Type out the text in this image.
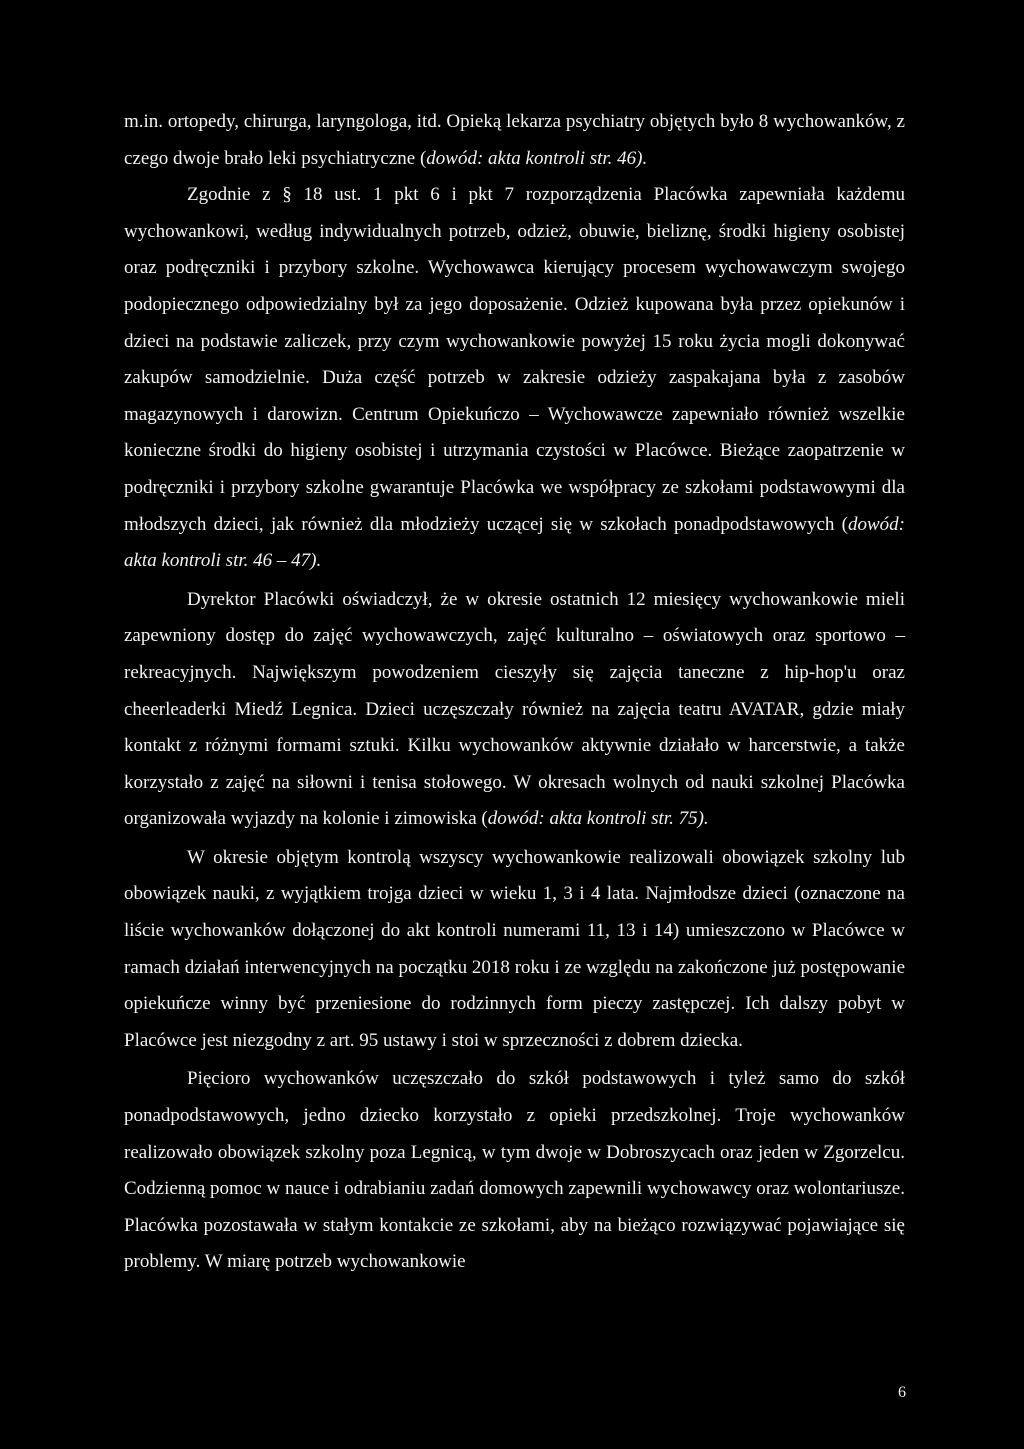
m.in. ortopedy, chirurga, laryngologa, itd. Opieką lekarza psychiatry objętych było 8 wychowanków, z czego dwoje brało leki psychiatryczne (dowód: akta kontroli str. 46).

Zgodnie z § 18 ust. 1 pkt 6 i pkt 7 rozporządzenia Placówka zapewniała każdemu wychowankowi, według indywidualnych potrzeb, odzież, obuwie, bieliznę, środki higieny osobistej oraz podręczniki i przybory szkolne. Wychowawca kierujący procesem wychowawczym swojego podopiecznego odpowiedzialny był za jego doposażenie. Odzież kupowana była przez opiekunów i dzieci na podstawie zaliczek, przy czym wychowankowie powyżej 15 roku życia mogli dokonywać zakupów samodzielnie. Duża część potrzeb w zakresie odzieży zaspakajana była z zasobów magazynowych i darowizn. Centrum Opiekuńczo – Wychowawcze zapewniało również wszelkie konieczne środki do higieny osobistej i utrzymania czystości w Placówce. Bieżące zaopatrzenie w podręczniki i przybory szkolne gwarantuje Placówka we współpracy ze szkołami podstawowymi dla młodszych dzieci, jak również dla młodzieży uczącej się w szkołach ponadpodstawowych (dowód: akta kontroli str. 46 – 47).

Dyrektor Placówki oświadczył, że w okresie ostatnich 12 miesięcy wychowankowie mieli zapewniony dostęp do zajęć wychowawczych, zajęć kulturalno – oświatowych oraz sportowo – rekreacyjnych. Największym powodzeniem cieszyły się zajęcia taneczne z hip-hop'u oraz cheerleaderki Miedź Legnica. Dzieci uczęszczały również na zajęcia teatru AVATAR, gdzie miały kontakt z różnymi formami sztuki. Kilku wychowanków aktywnie działało w harcerstwie, a także korzystało z zajęć na siłowni i tenisa stołowego. W okresach wolnych od nauki szkolnej Placówka organizowała wyjazdy na kolonie i zimowiska (dowód: akta kontroli str. 75).

W okresie objętym kontrolą wszyscy wychowankowie realizowali obowiązek szkolny lub obowiązek nauki, z wyjątkiem trojga dzieci w wieku 1, 3 i 4 lata. Najmłodsze dzieci (oznaczone na liście wychowanków dołączonej do akt kontroli numerami 11, 13 i 14) umieszczono w Placówce w ramach działań interwencyjnych na początku 2018 roku i ze względu na zakończone już postępowanie opiekuńcze winny być przeniesione do rodzinnych form pieczy zastępczej. Ich dalszy pobyt w Placówce jest niezgodny z art. 95 ustawy i stoi w sprzeczności z dobrem dziecka.

Pięcioro wychowanków uczęszczało do szkół podstawowych i tyleż samo do szkół ponadpodstawowych, jedno dziecko korzystało z opieki przedszkolnej. Troje wychowanków realizowało obowiązek szkolny poza Legnicą, w tym dwoje w Dobroszycach oraz jeden w Zgorzelcu. Codzienną pomoc w nauce i odrabianiu zadań domowych zapewnili wychowawcy oraz wolontariusze. Placówka pozostawała w stałym kontakcie ze szkołami, aby na bieżąco rozwiązywać pojawiające się problemy. W miarę potrzeb wychowankowie

6
